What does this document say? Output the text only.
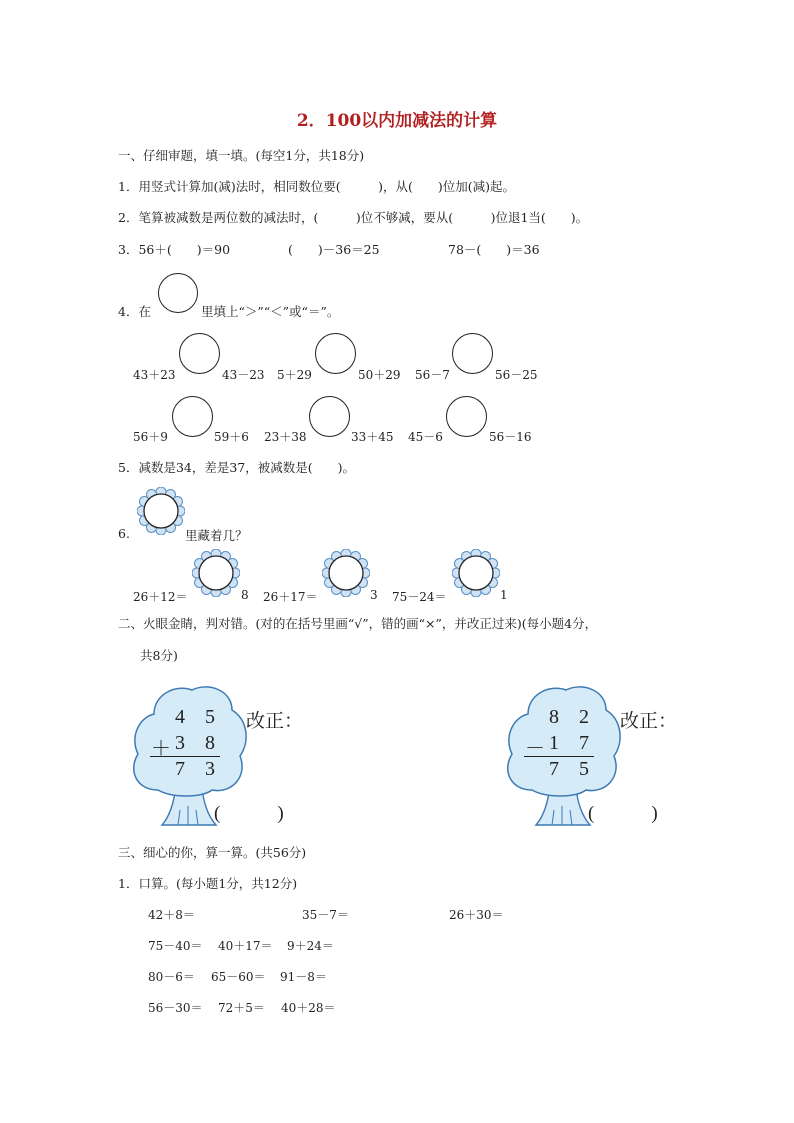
2．100以内加减法的计算
一、仔细审题，填一填。(每空1分，共18分)
1．用竖式计算加(减)法时，相同数位要(　　　)，从(　　)位加(减)起。
2．笔算被减数是两位数的减法时，(　　　)位不够减，要从(　　　)位退1当(　　)。
3．56＋(　　)＝90	(　　)－36＝25	78－(　　)＝36
4．在	里填上“＞”“＜”或“＝”。
43＋23	43－23 5＋29	50＋29 56－7	56－25
56＋9	59＋6 23＋38	33＋45 45－6	56－16
5．减数是34，差是37，被减数是(　　)。
6.	里藏着几？
26＋12＝	8 26＋17＝	3 75－24＝	1
二、火眼金睛，判对错。(对的在括号里画“√”，错的画“×”，并改正过来)(每小题4分，
共8分)
4 5
＋ 3 8
7 3
改正：
(　　　)
8 2
－ 1 7
7 5
改正：
(　　　)
三、细心的你，算一算。(共56分)
1．口算。(每小题1分，共12分)
42＋8＝	35－7＝	26＋30＝
75－40＝ 40＋17＝ 9＋24＝
80－6＝ 65－60＝ 91－8＝
56－30＝ 72＋5＝ 40＋28＝
